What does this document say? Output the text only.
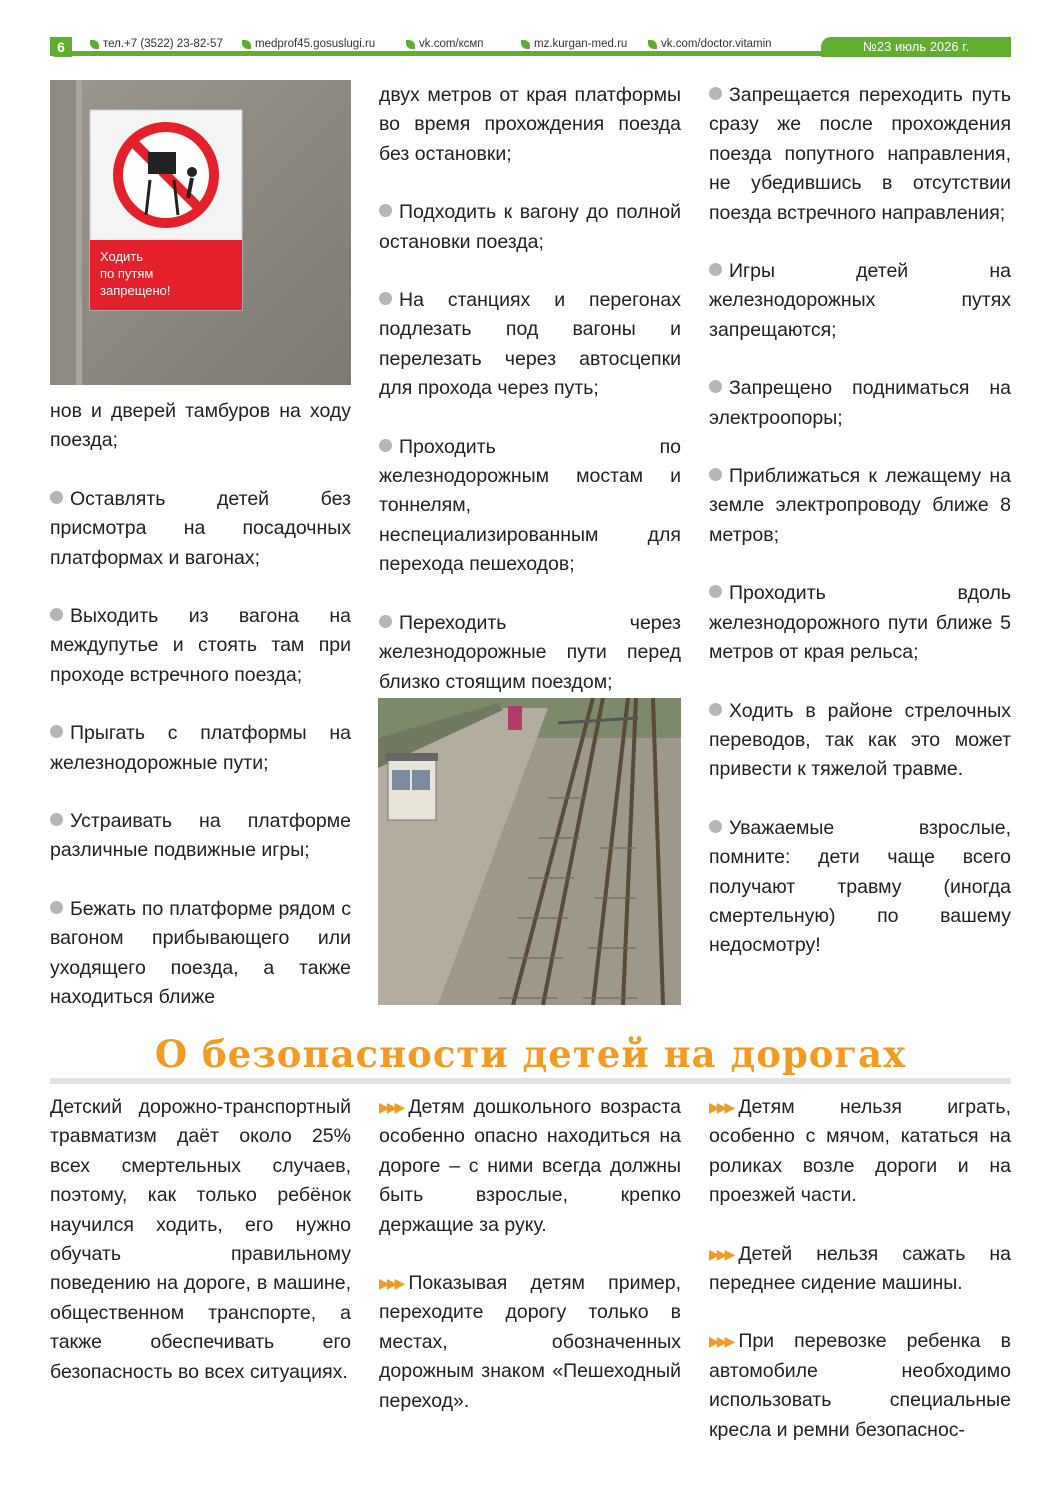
6	тел.+7 (3522) 23-82-57	medprof45.gosuslugi.ru	vk.com/кcмп	mz.kurgan-med.ru	vk.com/doctor.vitamin	№23 июль 2026 г.
Ходить
по путям
запрещено!

нов и дверей тамбуров на ходу поезда;

Оставлять детей без присмотра на посадочных платформах и вагонах;

Выходить из вагона на междупутье и стоять там при проходе встречного поезда;

Прыгать с платформы на железнодорожные пути;

Устраивать на платформе различные подвижные игры;

Бежать по платформе рядом с вагоном прибывающего или уходящего поезда, а также находиться ближе

двух метров от края платформы во время прохождения поезда без остановки;

Подходить к вагону до полной остановки поезда;

На станциях и перегонах подлезать под вагоны и перелезать через автосцепки для прохода через путь;

Проходить по железнодорожным мостам и тоннелям, неспециализированным для перехода пешеходов;

Переходить через железнодорожные пути перед близко стоящим поездом;

Запрещается переходить путь сразу же после прохождения поезда попутного направления, не убедившись в отсутствии поезда встречного направления;

Игры детей на железнодорожных путях запрещаются;

Запрещено подниматься на электроопоры;

Приближаться к лежащему на земле электропроводу ближе 8 метров;

Проходить вдоль железнодорожного пути ближе 5 метров от края рельса;

Ходить в районе стрелочных переводов, так как это может привести к тяжелой травме.

Уважаемые взрослые, помните: дети чаще всего получают травму (иногда смертельную) по вашему недосмотру!

О безопасности детей на дорогах

Детский дорожно-транспортный травматизм даёт около 25% всех смертельных случаев, поэтому, как только ребёнок научился ходить, его нужно обучать правильному поведению на дороге, в машине, общественном транспорте, а также обеспечивать его безопасность во всех ситуациях.

▶▶▶ Детям дошкольного возраста особенно опасно находиться на дороге – с ними всегда должны быть взрослые, крепко держащие за руку.

▶▶▶ Показывая детям пример, переходите дорогу только в местах, обозначенных дорожным знаком «Пешеходный переход».

▶▶▶ Детям нельзя играть, особенно с мячом, кататься на роликах возле дороги и на проезжей части.

▶▶▶ Детей нельзя сажать на переднее сидение машины.

▶▶▶ При перевозке ребенка в автомобиле необходимо использовать специальные кресла и ремни безопаснос-
